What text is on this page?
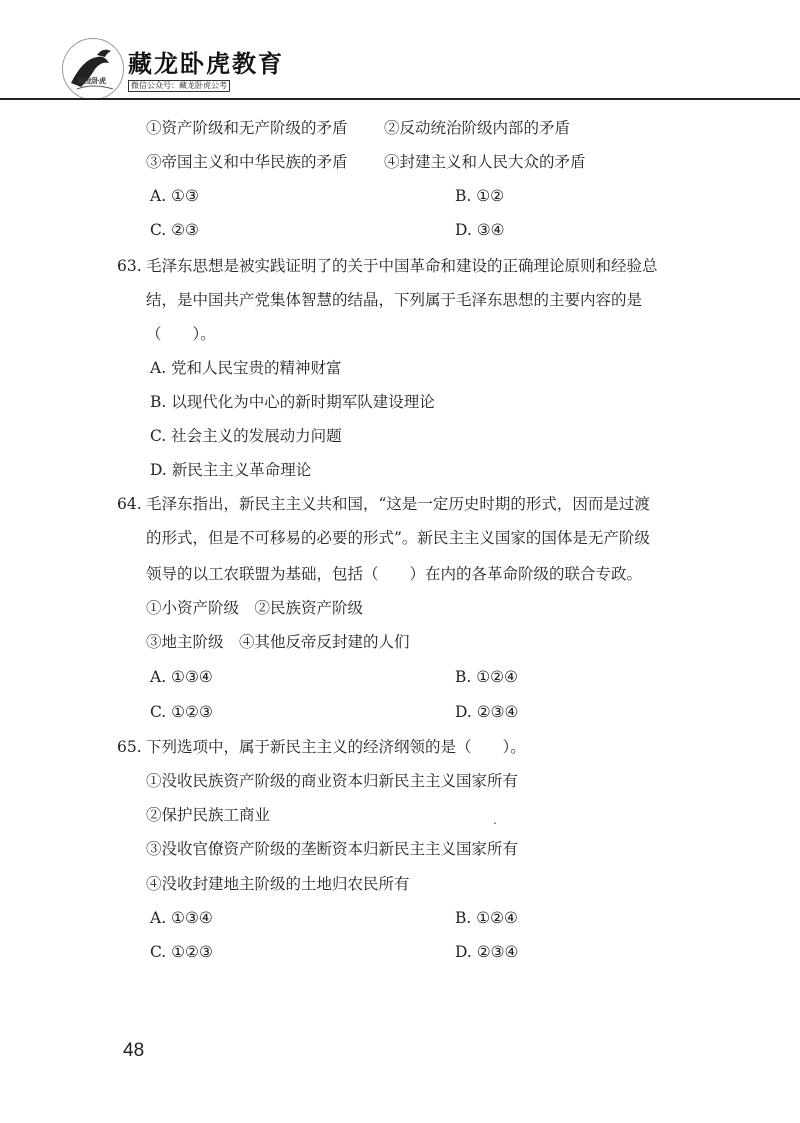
藏龙卧虎
藏龙卧虎教育
微信公众号：藏龙卧虎公考
①资产阶级和无产阶级的矛盾 ②反动统治阶级内部的矛盾
③帝国主义和中华民族的矛盾 ④封建主义和人民大众的矛盾
A. ①③	B. ①②
C. ②③	D. ③④
63. 毛泽东思想是被实践证明了的关于中国革命和建设的正确理论原则和经验总
结，是中国共产党集体智慧的结晶，下列属于毛泽东思想的主要内容的是
（　　）。
A. 党和人民宝贵的精神财富
B. 以现代化为中心的新时期军队建设理论
C. 社会主义的发展动力问题
D. 新民主主义革命理论
64. 毛泽东指出，新民主主义共和国，“这是一定历史时期的形式，因而是过渡
的形式，但是不可移易的必要的形式”。新民主主义国家的国体是无产阶级
领导的以工农联盟为基础，包括（　　）在内的各革命阶级的联合专政。
①小资产阶级　②民族资产阶级
③地主阶级　④其他反帝反封建的人们
A. ①③④	B. ①②④
C. ①②③	D. ②③④
65. 下列选项中，属于新民主主义的经济纲领的是（　　）。
①没收民族资产阶级的商业资本归新民主主义国家所有
②保护民族工商业	.
③没收官僚资产阶级的垄断资本归新民主主义国家所有
④没收封建地主阶级的土地归农民所有
A. ①③④	B. ①②④
C. ①②③	D. ②③④
48
